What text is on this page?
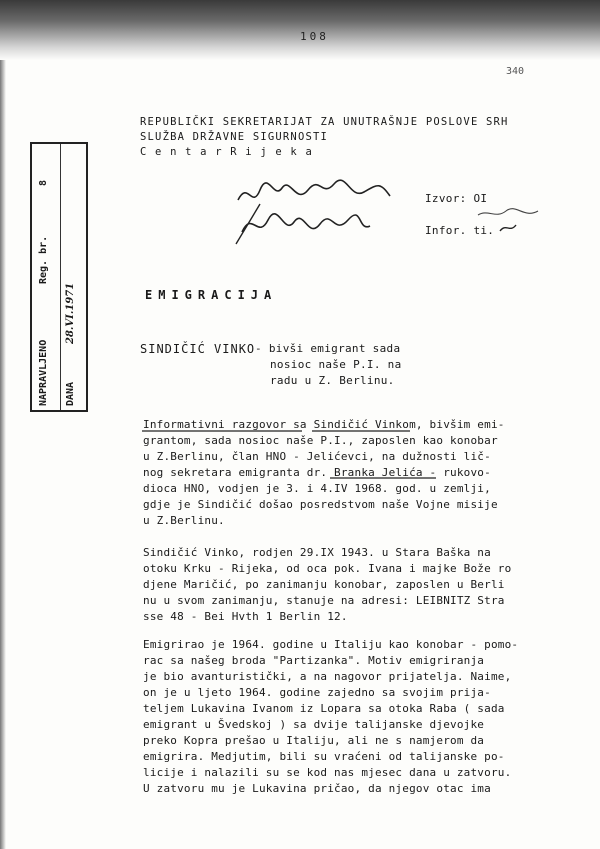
108
340
NAPRAVLJENO
Reg. br.
8
DANA
28.VI.1971
REPUBLIČKI SEKRETARIJAT ZA UNUTRAŠNJE POSLOVE SRH
SLUŽBA DRŽAVNE SIGURNOSTI
C e n t a r R i j e k a
Izvor: OI
Infor. ti.
EMIGRACIJA
SINDIČIĆ VINKO - bivši emigrant sada
nosioc naše P.I. na
radu u Z. Berlinu.
Informativni razgovor sa Sindičić Vinkom, bivšim emi-
grantom, sada nosioc naše P.I., zaposlen kao konobar
u Z.Berlinu, član HNO - Jelićevci, na dužnosti lič-
nog sekretara emigranta dr. Branka Jelića - rukovo-
dioca HNO, vodjen je 3. i 4.IV 1968. god. u zemlji,
gdje je Sindičić došao posredstvom naše Vojne misije
u Z.Berlinu.
Sindičić Vinko, rodjen 29.IX 1943. u Stara Baška na
otoku Krku - Rijeka, od oca pok. Ivana i majke Bože ro
djene Maričić, po zanimanju konobar, zaposlen u Berli
nu u svom zanimanju, stanuje na adresi: LEIBNITZ Stra
sse 48 - Bei Hvth 1 Berlin 12.
Emigrirao je 1964. godine u Italiju kao konobar - pomo-
rac sa našeg broda "Partizanka". Motiv emigriranja
je bio avanturistički, a na nagovor prijatelja. Naime,
on je u ljeto 1964. godine zajedno sa svojim prija-
teljem Lukavina Ivanom iz Lopara sa otoka Raba ( sada
emigrant u Švedskoj ) sa dvije talijanske djevojke
preko Kopra prešao u Italiju, ali ne s namjerom da
emigrira. Medjutim, bili su vraćeni od talijanske po-
licije i nalazili su se kod nas mjesec dana u zatvoru.
U zatvoru mu je Lukavina pričao, da njegov otac ima
